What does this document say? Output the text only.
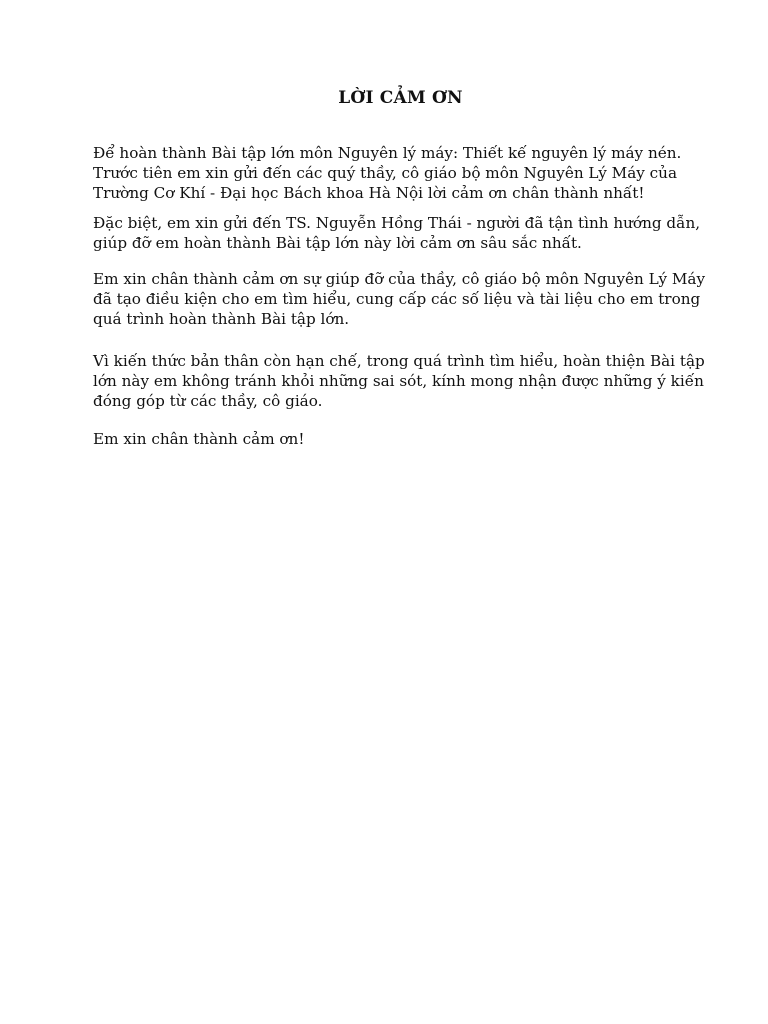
LỜI CẢM ƠN

Để hoàn thành Bài tập lớn môn Nguyên lý máy: Thiết kế nguyên lý máy nén. Trước tiên em xin gửi đến các quý thầy, cô giáo bộ môn Nguyên Lý Máy của Trường Cơ Khí - Đại học Bách khoa Hà Nội lời cảm ơn chân thành nhất!

Đặc biệt, em xin gửi đến TS. Nguyễn Hồng Thái - người đã tận tình hướng dẫn, giúp đỡ em hoàn thành Bài tập lớn này lời cảm ơn sâu sắc nhất.

Em xin chân thành cảm ơn sự giúp đỡ của thầy, cô giáo bộ môn Nguyên Lý Máy đã tạo điều kiện cho em tìm hiểu, cung cấp các số liệu và tài liệu cho em trong quá trình hoàn thành Bài tập lớn.

Vì kiến thức bản thân còn hạn chế, trong quá trình tìm hiểu, hoàn thiện Bài tập lớn này em không tránh khỏi những sai sót, kính mong nhận được những ý kiến đóng góp từ các thầy, cô giáo.

Em xin chân thành cảm ơn!
